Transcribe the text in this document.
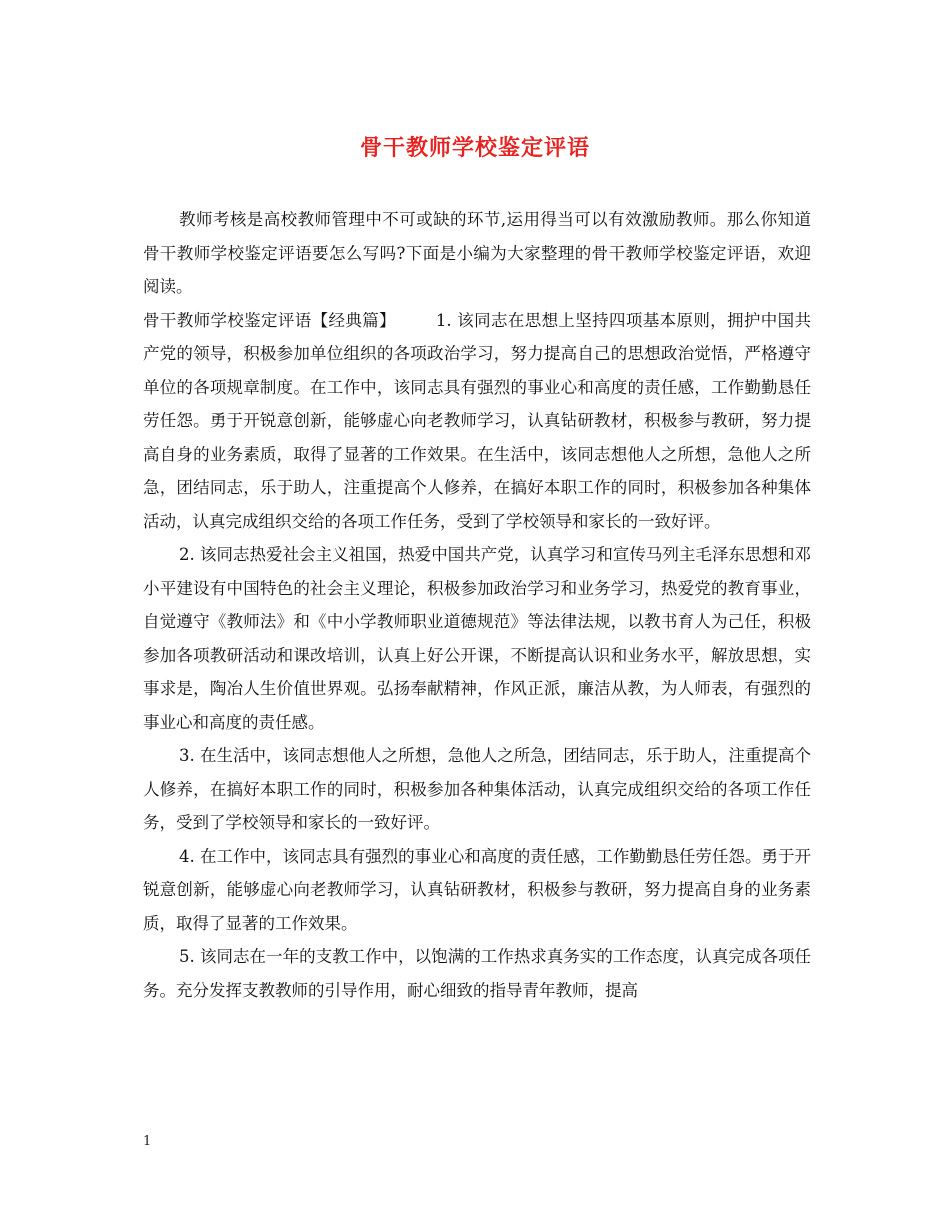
骨干教师学校鉴定评语

教师考核是高校教师管理中不可或缺的环节,运用得当可以有效激励教师。那么你知道骨干教师学校鉴定评语要怎么写吗?下面是小编为大家整理的骨干教师学校鉴定评语，欢迎阅读。

骨干教师学校鉴定评语【经典篇】 1. 该同志在思想上坚持四项基本原则，拥护中国共产党的领导，积极参加单位组织的各项政治学习，努力提高自己的思想政治觉悟，严格遵守单位的各项规章制度。在工作中，该同志具有强烈的事业心和高度的责任感，工作勤勤恳任劳任怨。勇于开锐意创新，能够虚心向老教师学习，认真钻研教材，积极参与教研，努力提高自身的业务素质，取得了显著的工作效果。在生活中，该同志想他人之所想，急他人之所急，团结同志，乐于助人，注重提高个人修养，在搞好本职工作的同时，积极参加各种集体活动，认真完成组织交给的各项工作任务，受到了学校领导和家长的一致好评。

2. 该同志热爱社会主义祖国，热爱中国共产党，认真学习和宣传马列主毛泽东思想和邓小平建设有中国特色的社会主义理论，积极参加政治学习和业务学习，热爱党的教育事业，自觉遵守《教师法》和《中小学教师职业道德规范》等法律法规，以教书育人为己任，积极参加各项教研活动和课改培训，认真上好公开课，不断提高认识和业务水平，解放思想，实事求是，陶冶人生价值世界观。弘扬奉献精神，作风正派，廉洁从教，为人师表，有强烈的事业心和高度的责任感。

3. 在生活中，该同志想他人之所想，急他人之所急，团结同志，乐于助人，注重提高个人修养，在搞好本职工作的同时，积极参加各种集体活动，认真完成组织交给的各项工作任务，受到了学校领导和家长的一致好评。

4. 在工作中，该同志具有强烈的事业心和高度的责任感，工作勤勤恳任劳任怨。勇于开锐意创新，能够虚心向老教师学习，认真钻研教材，积极参与教研，努力提高自身的业务素质，取得了显著的工作效果。

5. 该同志在一年的支教工作中，以饱满的工作热求真务实的工作态度，认真完成各项任务。充分发挥支教教师的引导作用，耐心细致的指导青年教师，提高

1
